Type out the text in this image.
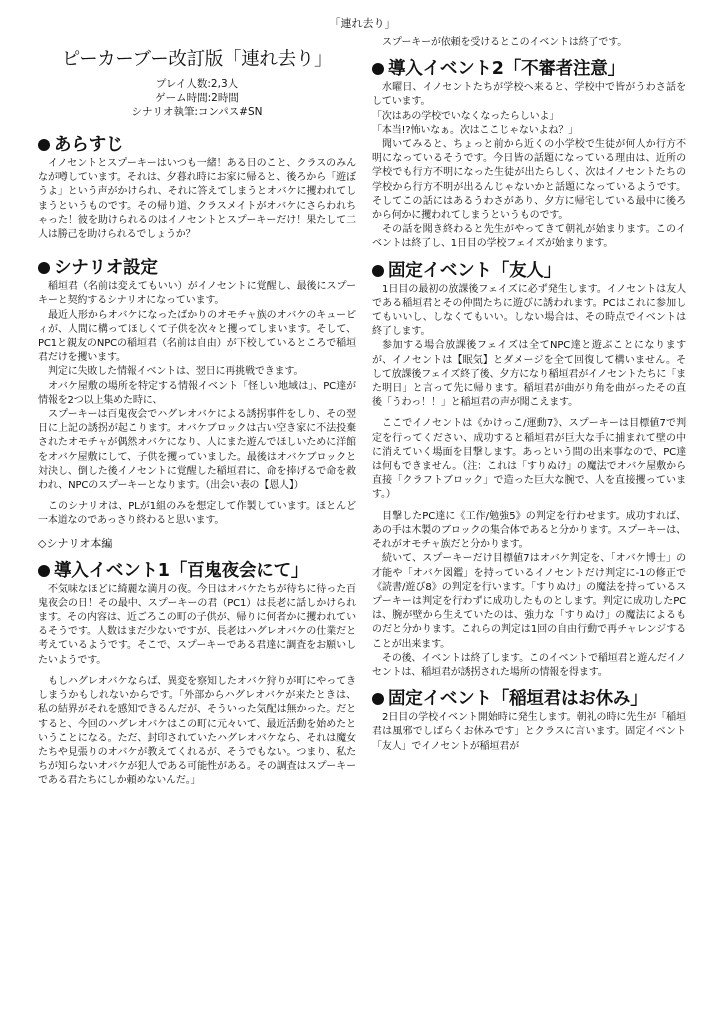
「連れ去り」
ピーカーブー改訂版「連れ去り」
プレイ人数:2,3人
ゲーム時間:2時間
シナリオ執筆:コンパス#SN
あらすじ

イノセントとスプーキーはいつも一緒！ある日のこと、クラスのみんなが噂しています。それは、夕暮れ時にお家に帰ると、後ろから「遊ぼうよ」という声がかけられ、それに答えてしまうとオバケに攫われてしまうというものです。その帰り道、クラスメイトがオバケにさらわれちゃった！彼を助けられるのはイノセントとスプーキーだけ！果たして二人は勝己を助けられるでしょうか？

シナリオ設定

稲垣君（名前は変えてもいい）がイノセントに覚醒し、最後にスプーキーと契約するシナリオになっています。

最近人形からオバケになったばかりのオモチャ族のオバケのキューピィが、人間に構ってほしくて子供を次々と攫ってしまいます。そして、PC1と親友のNPCの稲垣君（名前は自由）が下校しているところで稲垣君だけを攫います。

判定に失敗した情報イベントは、翌日に再挑戦できます。

オバケ屋敷の場所を特定する情報イベント「怪しい地域は」、PC達が情報を2つ以上集めた時に、

スプーキーは百鬼夜会でハグレオバケによる誘拐事件をしり、その翌日に上記の誘拐が起こります。オバケブロックは古い空き家に不法投棄されたオモチャが偶然オバケになり、人にまた遊んでほしいために洋館をオバケ屋敷にして、子供を攫っていました。最後はオバケブロックと対決し、倒した後イノセントに覚醒した稲垣君に、命を捧げるで命を救われ、NPCのスプーキーとなります。（出会い表の【恩人】）

このシナリオは、PLが1組のみを想定して作製しています。ほとんど一本道なのであっさり終わると思います。

◇シナリオ本編

導入イベント1「百鬼夜会にて」

不気味なほどに綺麗な満月の夜。今日はオバケたちが待ちに待った百鬼夜会の日！その最中、スプーキーの君（PC1）は長老に話しかけられます。その内容は、近ごろこの町の子供が、帰りに何者かに攫われているそうです。人数はまだ少ないですが、長老はハグレオバケの仕業だと考えているようです。そこで、スプーキーである君達に調査をお願いしたいようです。

もしハグレオバケならば、異変を察知したオバケ狩りが町にやってきしまうかもしれないからです。「外部からハグレオバケが来たときは、私の結界がそれを感知できるんだが、そういった気配は無かった。だとすると、今回のハグレオバケはこの町に元々いて、最近活動を始めたということになる。ただ、封印されていたハグレオバケなら、それは魔女たちや見張りのオバケが教えてくれるが、そうでもない。つまり、私たちが知らないオバケが犯人である可能性がある。その調査はスプーキーである君たちにしか頼めないんだ。」

スプーキーが依頼を受けるとこのイベントは終了です。

導入イベント2「不審者注意」

水曜日、イノセントたちが学校へ来ると、学校中で皆がうわさ話をしています。

「次はあの学校でいなくなったらしいよ」

「本当!?怖いなぁ。次はここじゃないよね？」

聞いてみると、ちょっと前から近くの小学校で生徒が何人か行方不明になっているそうです。今日皆の話題になっている理由は、近所の学校でも行方不明になった生徒が出たらしく、次はイノセントたちの学校から行方不明が出るんじゃないかと話題になっているようです。そしてこの話にはあるうわさがあり、夕方に帰宅している最中に後ろから何かに攫われてしまうというものです。

その話を聞き終わると先生がやってきて朝礼が始まります。このイベントは終了し、1日目の学校フェイズが始まります。

固定イベント「友人」

1日目の最初の放課後フェイズに必ず発生します。イノセントは友人である稲垣君とその仲間たちに遊びに誘われます。PCはこれに参加してもいいし、しなくてもいい。しない場合は、その時点でイベントは終了します。

参加する場合放課後フェイズは全てNPC達と遊ぶことになりますが、イノセントは【眠気】とダメージを全て回復して構いません。そして放課後フェイズ終了後、夕方になり稲垣君がイノセントたちに「また明日」と言って先に帰ります。稲垣君が曲がり角を曲がったその直後「うわっ！！」と稲垣君の声が聞こえます。

ここでイノセントは《かけっこ/運動7》、スプーキーは目標値7で判定を行ってください、成功すると稲垣君が巨大な手に捕まれて壁の中に消えていく場面を目撃します。あっという間の出来事なので、PC達は何もできません。（注：これは「すりぬけ」の魔法でオバケ屋敷から直接「クラフトブロック」で造った巨大な腕で、人を直接攫っています。）

目撃したPC達に《工作/勉強5》の判定を行わせます。成功すれば、あの手は木製のブロックの集合体であると分かります。スプーキーは、それがオモチャ族だと分かります。

続いて、スプーキーだけ目標値7はオバケ判定を、「オバケ博士」の才能や「オバケ図鑑」を持っているイノセントだけ判定に-1の修正で《読書/遊び8》の判定を行います。「すりぬけ」の魔法を持っているスプーキーは判定を行わずに成功したものとします。判定に成功したPCは、腕が壁から生えていたのは、強力な「すりぬけ」の魔法によるものだと分かります。これらの判定は1回の自由行動で再チャレンジすることが出来ます。

その後、イベントは終了します。このイベントで稲垣君と遊んだイノセントは、稲垣君が誘拐された場所の情報を得ます。

固定イベント「稲垣君はお休み」

2日目の学校イベント開始時に発生します。朝礼の時に先生が「稲垣君は風邪でしばらくお休みです」とクラスに言います。固定イベント「友人」でイノセントが稲垣君が
